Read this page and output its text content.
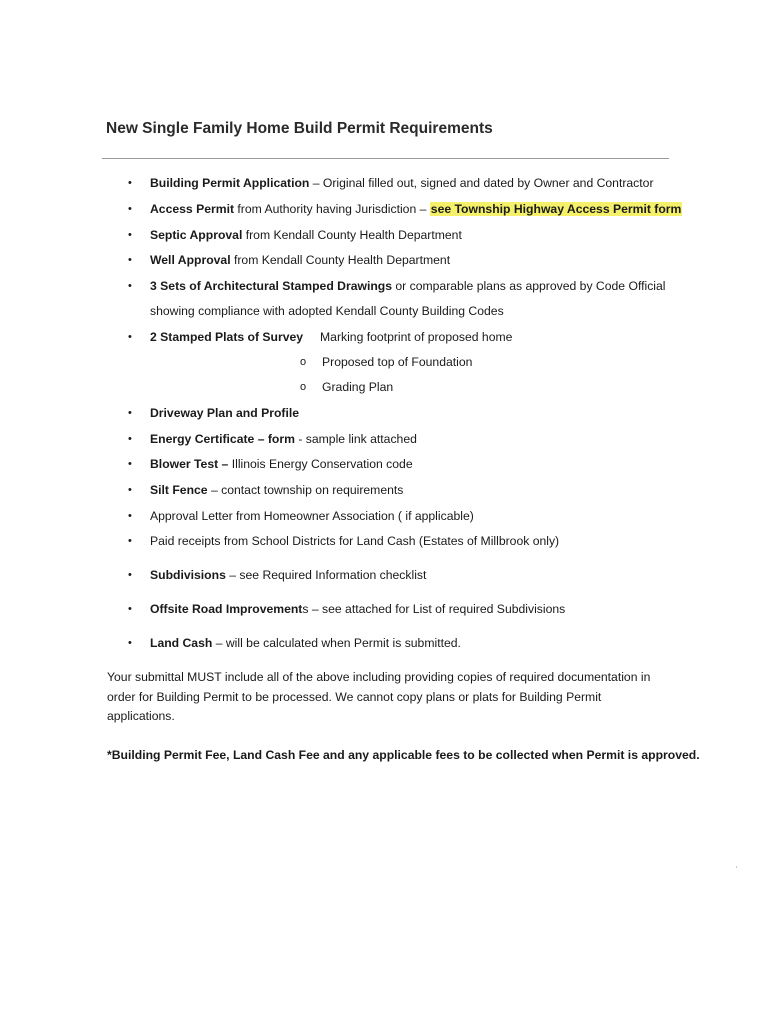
New Single Family Home Build Permit Requirements
• Building Permit Application – Original filled out, signed and dated by Owner and Contractor
• Access Permit from Authority having Jurisdiction – see Township Highway Access Permit form
• Septic Approval from Kendall County Health Department
• Well Approval from Kendall County Health Department
• 3 Sets of Architectural Stamped Drawings or comparable plans as approved by Code Official
showing compliance with adopted Kendall County Building Codes
• 2 Stamped Plats of Survey     Marking footprint of proposed home
o Proposed top of Foundation
o Grading Plan
• Driveway Plan and Profile
• Energy Certificate – form - sample link attached
• Blower Test – Illinois Energy Conservation code
• Silt Fence – contact township on requirements
• Approval Letter from Homeowner Association ( if applicable)
• Paid receipts from School Districts for Land Cash (Estates of Millbrook only)
• Subdivisions – see Required Information checklist
• Offsite Road Improvements – see attached for List of required Subdivisions
• Land Cash – will be calculated when Permit is submitted.

Your submittal MUST include all of the above including providing copies of required documentation in order for Building Permit to be processed. We cannot copy plans or plats for Building Permit applications.

*Building Permit Fee, Land Cash Fee and any applicable fees to be collected when Permit is approved.
